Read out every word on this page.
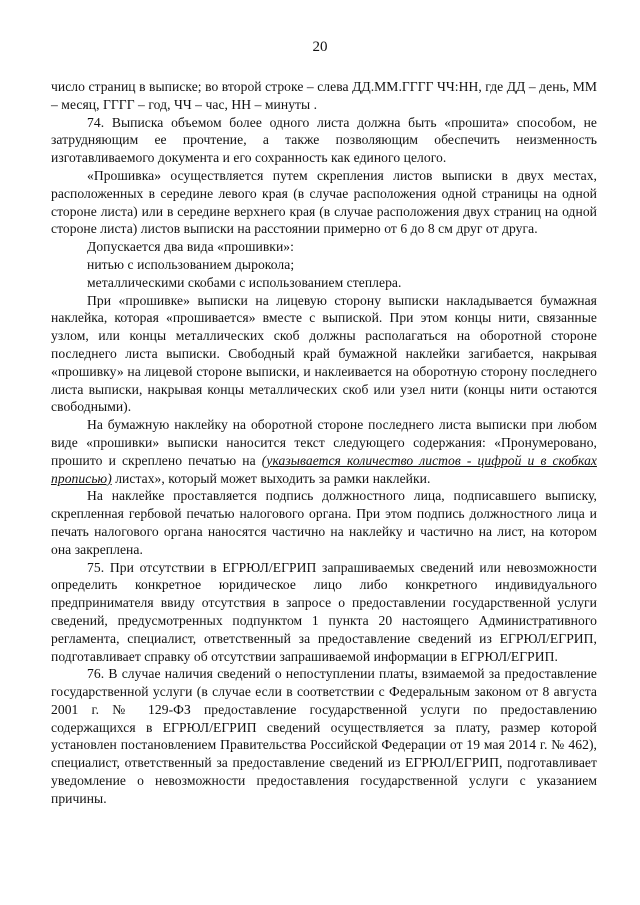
20

число страниц в выписке; во второй строке – слева ДД.ММ.ГГГГ ЧЧ:НН, где ДД – день, ММ – месяц, ГГГГ – год, ЧЧ – час, НН – минуты .

74. Выписка объемом более одного листа должна быть «прошита» способом, не затрудняющим ее прочтение, а также позволяющим обеспечить неизменность изготавливаемого документа и его сохранность как единого целого.

«Прошивка» осуществляется путем скрепления листов выписки в двух местах, расположенных в середине левого края (в случае расположения одной страницы на одной стороне листа) или в середине верхнего края (в случае расположения двух страниц на одной стороне листа) листов выписки на расстоянии примерно от 6 до 8 см друг от друга.

Допускается два вида «прошивки»:

нитью с использованием дырокола;

металлическими скобами с использованием степлера.

При «прошивке» выписки на лицевую сторону выписки накладывается бумажная наклейка, которая «прошивается» вместе с выпиской. При этом концы нити, связанные узлом, или концы металлических скоб должны располагаться на оборотной стороне последнего листа выписки. Свободный край бумажной наклейки загибается, накрывая «прошивку» на лицевой стороне выписки, и наклеивается на оборотную сторону последнего листа выписки, накрывая концы металлических скоб или узел нити (концы нити остаются свободными).

На бумажную наклейку на оборотной стороне последнего листа выписки при любом виде «прошивки» выписки наносится текст следующего содержания: «Пронумеровано, прошито и скреплено печатью на (указывается количество листов - цифрой и в скобках прописью) листах», который может выходить за рамки наклейки.

На наклейке проставляется подпись должностного лица, подписавшего выписку, скрепленная гербовой печатью налогового органа. При этом подпись должностного лица и печать налогового органа наносятся частично на наклейку и частично на лист, на котором она закреплена.

75. При отсутствии в ЕГРЮЛ/ЕГРИП запрашиваемых сведений или невозможности определить конкретное юридическое лицо либо конкретного индивидуального предпринимателя ввиду отсутствия в запросе о предоставлении государственной услуги сведений, предусмотренных подпунктом 1 пункта 20 настоящего Административного регламента, специалист, ответственный за предоставление сведений из ЕГРЮЛ/ЕГРИП, подготавливает справку об отсутствии запрашиваемой информации в ЕГРЮЛ/ЕГРИП.

76. В случае наличия сведений о непоступлении платы, взимаемой за предоставление государственной услуги (в случае если в соответствии с Федеральным законом от 8 августа 2001 г. № 129-ФЗ предоставление государственной услуги по предоставлению содержащихся в ЕГРЮЛ/ЕГРИП сведений осуществляется за плату, размер которой установлен постановлением Правительства Российской Федерации от 19 мая 2014 г. № 462), специалист, ответственный за предоставление сведений из ЕГРЮЛ/ЕГРИП, подготавливает уведомление о невозможности предоставления государственной услуги с указанием причины.
